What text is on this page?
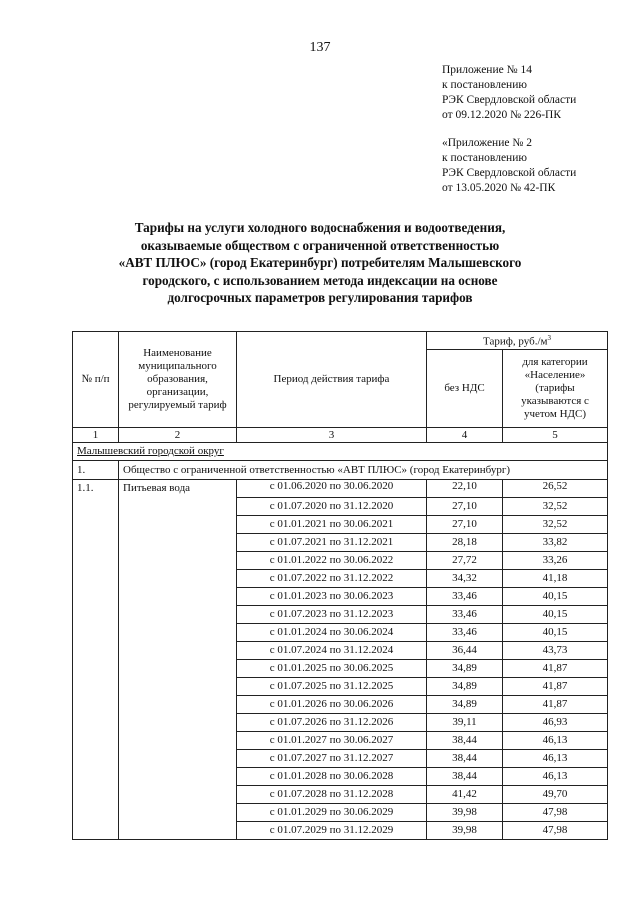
137
Приложение № 14
к постановлению
РЭК Свердловской области
от 09.12.2020 № 226-ПК
«Приложение № 2
к постановлению
РЭК Свердловской области
от 13.05.2020 № 42-ПК
Тарифы на услуги холодного водоснабжения и водоотведения,
оказываемые обществом с ограниченной ответственностью
«АВТ ПЛЮС» (город Екатеринбург) потребителям Малышевского
городского, с использованием метода индексации на основе
долгосрочных параметров регулирования тарифов
№ п/п	Наименование муниципального образования, организации, регулируемый тариф	Период действия тарифа	Тариф, $руб./м^3$
			без НДС	для категории «Население» (тарифы указываются с учетом НДС)
1	2	3	4	5
Малышевский городской округ				
1.	Общество с ограниченной ответственностью «АВТ ПЛЮС» (город Екатеринбург)			
1.1.	Питьевая вода	с 01.06.2020 по 30.06.2020	22,10	26,52
		с 01.07.2020 по 31.12.2020	27,10	32,52
		с 01.01.2021 по 30.06.2021	27,10	32,52
		с 01.07.2021 по 31.12.2021	28,18	33,82
		с 01.01.2022 по 30.06.2022	27,72	33,26
		с 01.07.2022 по 31.12.2022	34,32	41,18
		с 01.01.2023 по 30.06.2023	33,46	40,15
		с 01.07.2023 по 31.12.2023	33,46	40,15
		с 01.01.2024 по 30.06.2024	33,46	40,15
		с 01.07.2024 по 31.12.2024	36,44	43,73
		с 01.01.2025 по 30.06.2025	34,89	41,87
		с 01.07.2025 по 31.12.2025	34,89	41,87
		с 01.01.2026 по 30.06.2026	34,89	41,87
		с 01.07.2026 по 31.12.2026	39,11	46,93
		с 01.01.2027 по 30.06.2027	38,44	46,13
		с 01.07.2027 по 31.12.2027	38,44	46,13
		с 01.01.2028 по 30.06.2028	38,44	46,13
		с 01.07.2028 по 31.12.2028	41,42	49,70
		с 01.01.2029 по 30.06.2029	39,98	47,98
		с 01.07.2029 по 31.12.2029	39,98	47,98
